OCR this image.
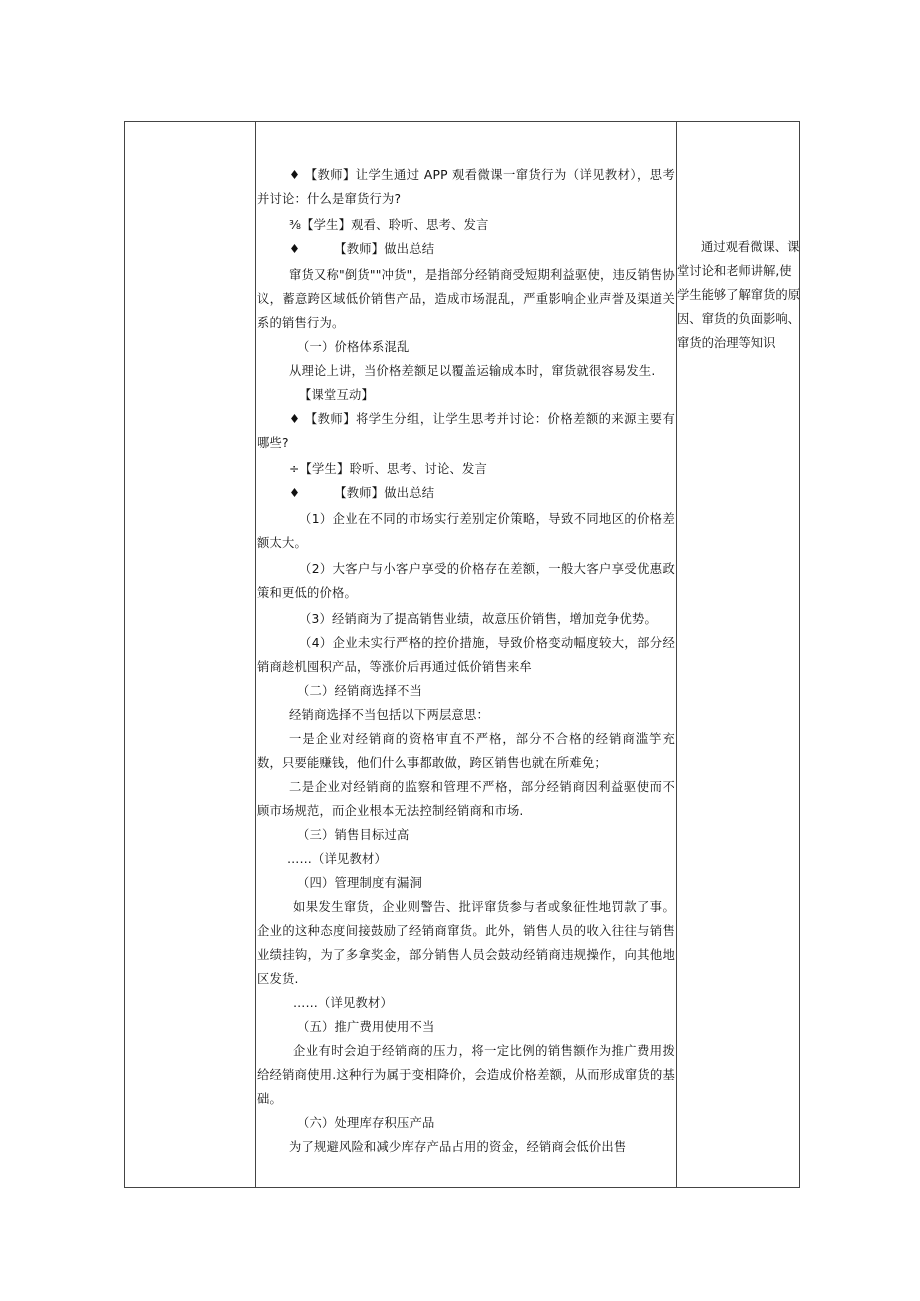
♦ 【教师】让学生通过 APP 观看微课一窜货行为（详见教材），思考并讨论：什么是窜货行为?

⅜【学生】观看、聆听、思考、发言

♦	【教师】做出总结

窜货又称"倒货""冲货"，是指部分经销商受短期利益驱使，违反销售协议，蓄意跨区域低价销售产品，造成市场混乱，严重影响企业声誉及渠道关系的销售行为。

（一）价格体系混乱

从理论上讲，当价格差额足以覆盖运输成本时，窜货就很容易发生.

【课堂互动】

♦ 【教师】将学生分组，让学生思考并讨论：价格差额的来源主要有哪些?

÷【学生】聆听、思考、讨论、发言

♦	【教师】做出总结

（1）企业在不同的市场实行差别定价策略，导致不同地区的价格差额太大。

（2）大客户与小客户享受的价格存在差额，一般大客户享受优惠政策和更低的价格。

（3）经销商为了提高销售业绩，故意压价销售，增加竞争优势。

（4）企业未实行严格的控价措施，导致价格变动幅度较大，部分经销商趁机囤积产品，等涨价后再通过低价销售来牟

（二）经销商选择不当

经销商选择不当包括以下两层意思：

一是企业对经销商的资格审直不严格，部分不合格的经销商滥竽充数，只要能赚钱，他们什么事都敢做，跨区销售也就在所难免；

二是企业对经销商的监察和管理不严格，部分经销商因利益驱使而不顾市场规范，而企业根本无法控制经销商和市场.

（三）销售目标过高

……（详见教材）

（四）管理制度有漏洞

如果发生窜货，企业则警告、批评窜货参与者或象征性地罚款了事。企业的这种态度间接鼓励了经销商窜货。此外，销售人员的收入往往与销售业绩挂钩，为了多拿奖金，部分销售人员会鼓动经销商违规操作，向其他地区发货.

……（详见教材）

（五）推广费用使用不当

企业有时会迫于经销商的压力，将一定比例的销售额作为推广费用拨给经销商使用.这种行为属于变相降价，会造成价格差额，从而形成窜货的基础。

（六）处理库存积压产品

为了规避风险和减少库存产品占用的资金，经销商会低价出售

通过观看微课、课堂讨论和老师讲解,使学生能够了解窜货的原因、窜货的负面影响、窜货的治理等知识
